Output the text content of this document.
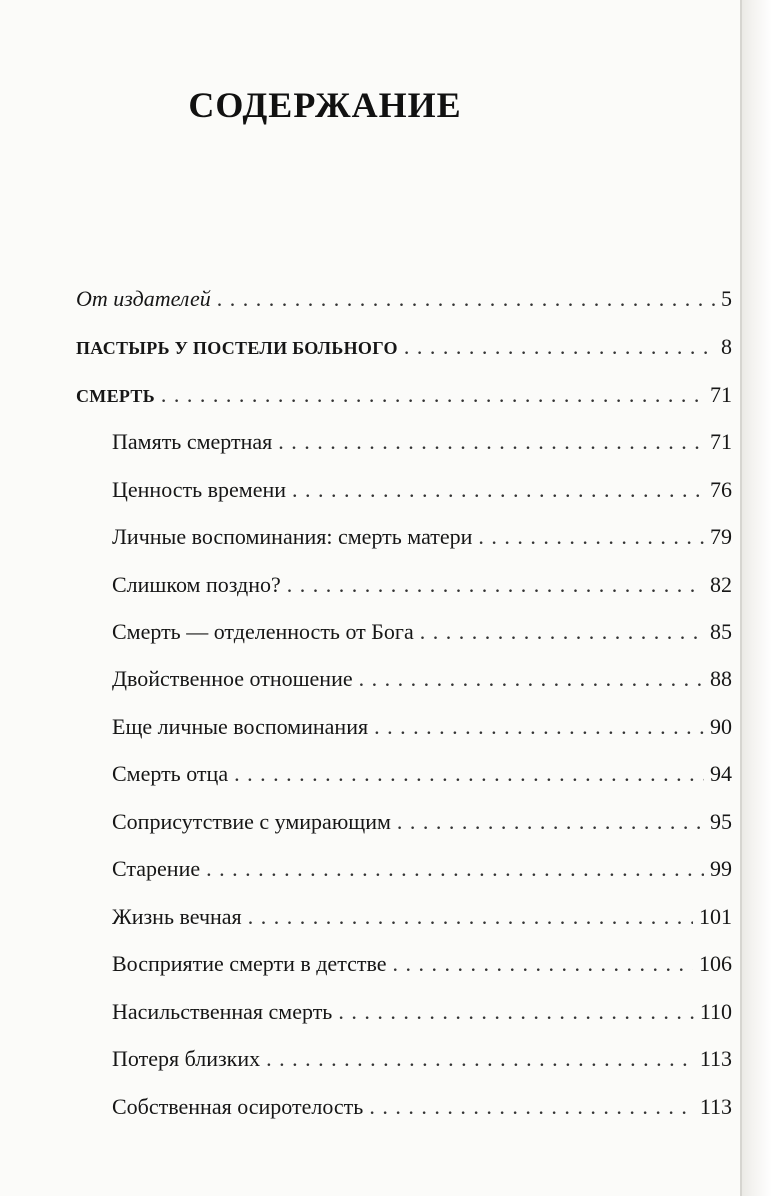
СОДЕРЖАНИЕ
От издателей . . .	5
ПАСТЫРЬ У ПОСТЕЛИ БОЛЬНОГО . . .	8
СМЕРТЬ . . .	71
Память смертная . . .	71
Ценность времени . . .	76
Личные воспоминания: смерть матери . . .	79
Слишком поздно? . . .	82
Смерть — отделенность от Бога . . .	85
Двойственное отношение . . .	88
Еще личные воспоминания . . .	90
Смерть отца . . .	94
Соприсутствие с умирающим . . .	95
Старение . . .	99
Жизнь вечная . . .	101
Восприятие смерти в детстве . . .	106
Насильственная смерть . . .	110
Потеря близких . . .	113
Собственная осиротелость . . .	113
